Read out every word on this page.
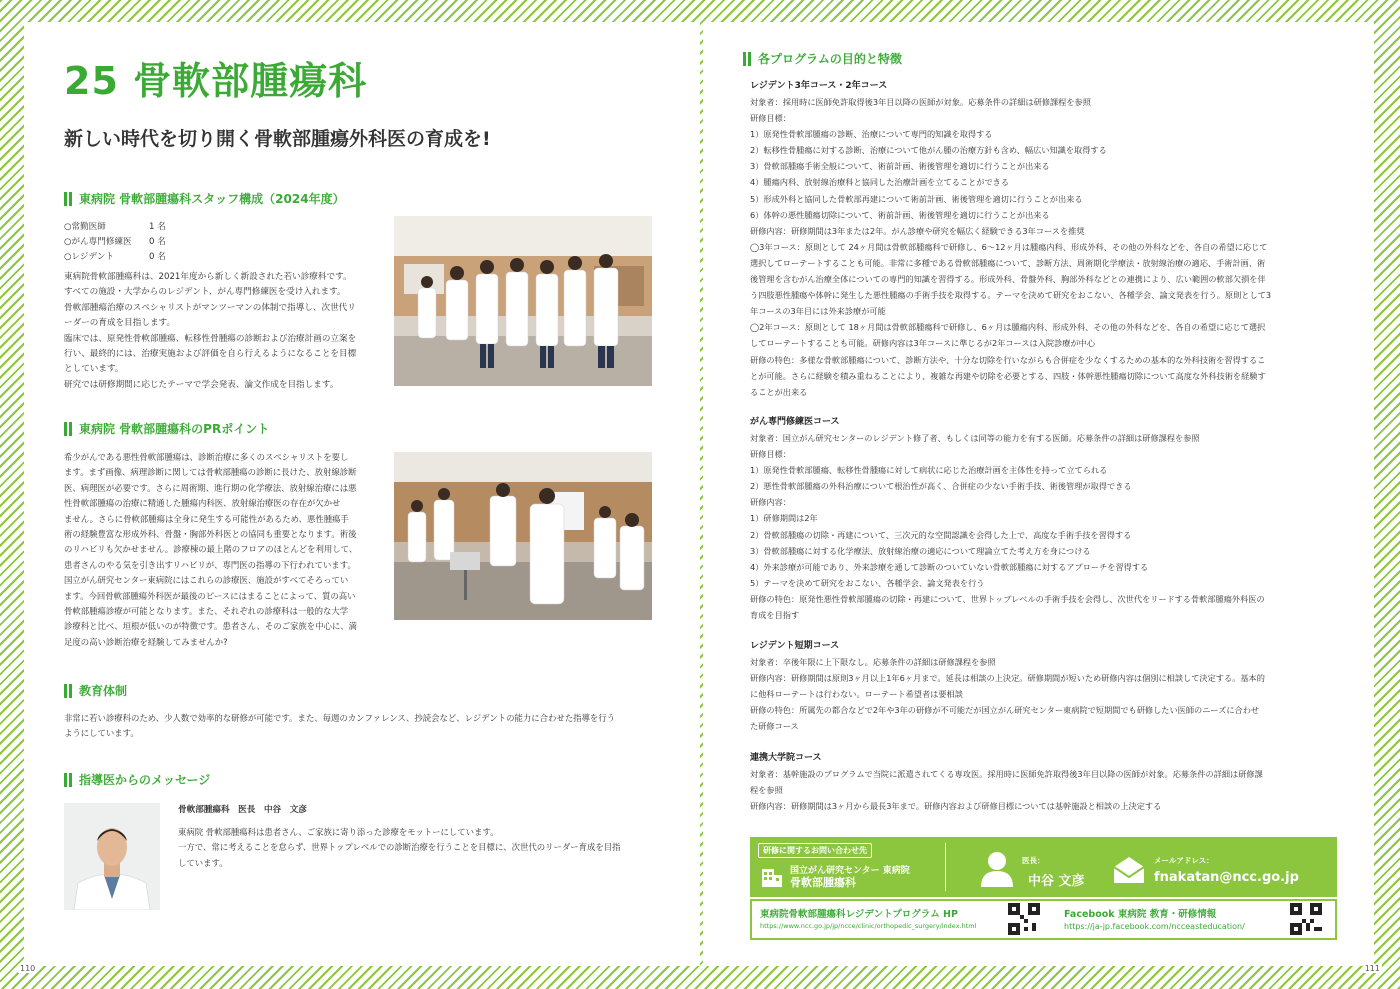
25 骨軟部腫瘍科
新しい時代を切り開く骨軟部腫瘍外科医の育成を!
東病院 骨軟部腫瘍科スタッフ構成（2024年度）
○常勤医師	1 名
○がん専門修練医	0 名
○レジデント	0 名
東病院骨軟部腫瘍科は、2021年度から新しく新設された若い診療科です。
すべての施設・大学からのレジデント、がん専門修練医を受け入れます。
骨軟部腫瘍治療のスペシャリストがマンツーマンの体制で指導し、次世代リ
ーダーの育成を目指します。
臨床では、原発性骨軟部腫瘍、転移性骨腫瘍の診断および治療計画の立案を
行い、最終的には、治療実施および評価を自ら行えるようになることを目標
としています。
研究では研修期間に応じたテーマで学会発表、論文作成を目指します。
東病院 骨軟部腫瘍科のPRポイント
希少がんである悪性骨軟部腫瘍は、診断治療に多くのスペシャリストを要し
ます。まず画像、病理診断に関しては骨軟部腫瘍の診断に長けた、放射線診断
医、病理医が必要です。さらに周術期、進行期の化学療法、放射線治療には悪
性骨軟部腫瘍の治療に精通した腫瘍内科医、放射線治療医の存在が欠かせ
ません。さらに骨軟部腫瘍は全身に発生する可能性があるため、悪性腫瘍手
術の経験豊富な形成外科、骨盤・胸部外科医との協同も重要となります。術後
のリハビリも欠かせません。診療棟の最上階のフロアのほとんどを利用して、
患者さんのやる気を引き出すリハビリが、専門医の指導の下行われています。
国立がん研究センター東病院にはこれらの診療医、施設がすべてそろってい
ます。今回骨軟部腫瘍外科医が最後のピースにはまることによって、質の高い
骨軟部腫瘍診療が可能となります。また、それぞれの診療科は一般的な大学
診療科と比べ、垣根が低いのが特徴です。患者さん、そのご家族を中心に、満
足度の高い診断治療を経験してみませんか?
教育体制
非常に若い診療科のため、少人数で効率的な研修が可能です。また、毎週のカンファレンス、抄読会など、レジデントの能力に合わせた指導を行う
ようにしています。
指導医からのメッセージ
骨軟部腫瘍科　医長　中谷　文彦
東病院 骨軟部腫瘍科は患者さん、ご家族に寄り添った診療をモットーにしています。
一方で、常に考えることを怠らず、世界トップレベルでの診断治療を行うことを目標に、次世代のリーダー育成を目指
しています。
110
各プログラムの目的と特徴
レジデント3年コース・2年コース
対象者：採用時に医師免許取得後3年目以降の医師が対象。応募条件の詳細は研修課程を参照
研修目標：
1）原発性骨軟部腫瘍の診断、治療について専門的知識を取得する
2）転移性骨腫瘍に対する診断、治療について他がん腫の治療方針も含め、幅広い知識を取得する
3）骨軟部腫瘍手術全般について、術前計画、術後管理を適切に行うことが出来る
4）腫瘍内科、放射線治療科と協同した治療計画を立てることができる
5）形成外科と協同した骨軟部再建について術前計画、術後管理を適切に行うことが出来る
6）体幹の悪性腫瘍切除について、術前計画、術後管理を適切に行うことが出来る
研修内容：研修期間は3年または2年。がん診療や研究を幅広く経験できる3年コースを推奨
◯3年コース：原則として 24ヶ月間は骨軟部腫瘍科で研修し、6〜12ヶ月は腫瘍内科、形成外科、その他の外科などを、各自の希望に応じて
選択してローテートすることも可能。非常に多種である骨軟部腫瘍について、診断方法、周術期化学療法・放射線治療の適応、手術計画、術
後管理を含むがん治療全体についての専門的知識を習得する。形成外科、骨盤外科、胸部外科などとの連携により、広い範囲の軟部欠損を伴
う四肢悪性腫瘍や体幹に発生した悪性腫瘍の手術手技を取得する。テーマを決めて研究をおこない、各種学会、論文発表を行う。原則として3
年コースの3年目には外来診療が可能
◯2年コース：原則として 18ヶ月間は骨軟部腫瘍科で研修し、6ヶ月は腫瘍内科、形成外科、その他の外科などを、各自の希望に応じて選択
してローテートすることも可能。研修内容は3年コースに準じるが2年コースは入院診療が中心
研修の特色：多様な骨軟部腫瘍について、診断方法や、十分な切除を行いながらも合併症を少なくするための基本的な外科技術を習得するこ
とが可能。さらに経験を積み重ねることにより、複雑な再建や切除を必要とする、四肢・体幹悪性腫瘍切除について高度な外科技術を経験す
ることが出来る
がん専門修練医コース
対象者：国立がん研究センターのレジデント修了者、もしくは同等の能力を有する医師。応募条件の詳細は研修課程を参照
研修目標：
1）原発性骨軟部腫瘍、転移性骨腫瘍に対して病状に応じた治療計画を主体性を持って立てられる
2）悪性骨軟部腫瘍の外科治療について根治性が高く、合併症の少ない手術手技、術後管理が取得できる
研修内容：
1）研修期間は2年
2）骨軟部腫瘍の切除・再建について、三次元的な空間認識を会得した上で、高度な手術手技を習得する
3）骨軟部腫瘍に対する化学療法、放射線治療の適応について理論立てた考え方を身につける
4）外来診療が可能であり、外来診療を通して診断のついていない骨軟部腫瘍に対するアプローチを習得する
5）テーマを決めて研究をおこない、各種学会、論文発表を行う
研修の特色：原発性悪性骨軟部腫瘍の切除・再建について、世界トップレベルの手術手技を会得し、次世代をリードする骨軟部腫瘍外科医の
育成を目指す
レジデント短期コース
対象者：卒後年限に上下限なし。応募条件の詳細は研修課程を参照
研修内容：研修期間は原則3ヶ月以上1年6ヶ月まで。延長は相談の上決定。研修期間が短いため研修内容は個別に相談して決定する。基本的
に他科ローテートは行わない。ローテート希望者は要相談
研修の特色：所属先の都合などで2年や3年の研修が不可能だが国立がん研究センター東病院で短期間でも研修したい医師のニーズに合わせ
た研修コース
連携大学院コース
対象者：基幹施設のプログラムで当院に派遣されてくる専攻医。採用時に医師免許取得後3年目以降の医師が対象。応募条件の詳細は研修課
程を参照
研修内容：研修期間は3ヶ月から最長3年まで。研修内容および研修目標については基幹施設と相談の上決定する
研修に関するお問い合わせ先
国立がん研究センター 東病院
骨軟部腫瘍科
医長：
中谷 文彦
メールアドレス：
fnakatan@ncc.go.jp
東病院骨軟部腫瘍科レジデントプログラム HP
https://www.ncc.go.jp/jp/ncce/clinic/orthopedic_surgery/index.html
Facebook 東病院 教育・研修情報
https://ja-jp.facebook.com/ncceasteducation/
111
